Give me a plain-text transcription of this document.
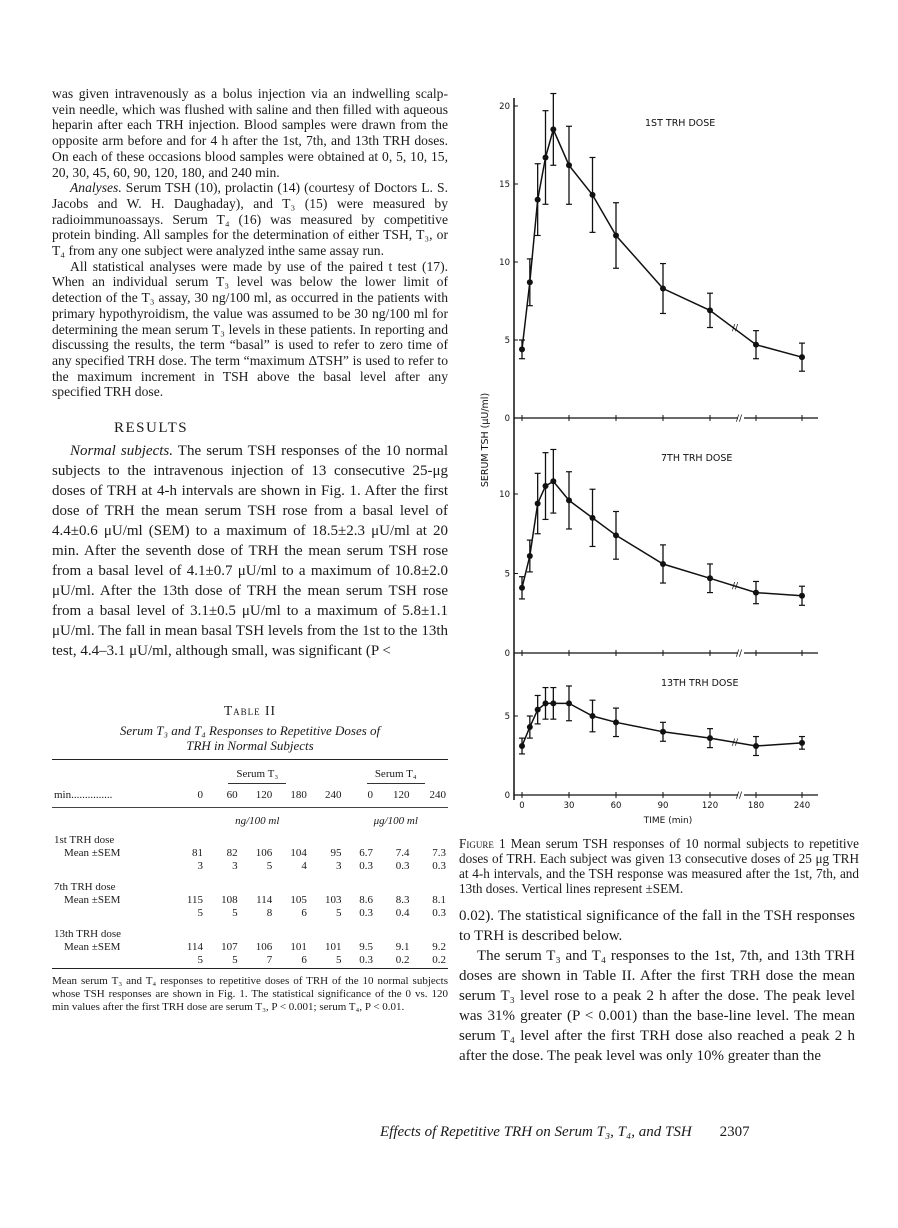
was given intravenously as a bolus injection via an indwelling scalp-vein needle, which was flushed with saline and then filled with aqueous heparin after each TRH injection. Blood samples were drawn from the opposite arm before and for 4 h after the 1st, 7th, and 13th TRH doses. On each of these occasions blood samples were obtained at 0, 5, 10, 15, 20, 30, 45, 60, 90, 120, 180, and 240 min.

Analyses. Serum TSH (10), prolactin (14) (courtesy of Doctors L. S. Jacobs and W. H. Daughaday), and T₃ (15) were measured by radioimmunoassays. Serum T₄ (16) was measured by competitive protein binding. All samples for the determination of either TSH, T₃, or T₄ from any one subject were analyzed inthe same assay run.

All statistical analyses were made by use of the paired t test (17). When an individual serum T₃ level was below the lower limit of detection of the T₃ assay, 30 ng/100 ml, as occurred in the patients with primary hypothyroidism, the value was assumed to be 30 ng/100 ml for determining the mean serum T₃ levels in these patients. In reporting and discussing the results, the term “basal” is used to refer to zero time of any specified TRH dose. The term “maximum ΔTSH” is used to refer to the maximum increment in TSH above the basal level after any specified TRH dose.

RESULTS

Normal subjects. The serum TSH responses of the 10 normal subjects to the intravenous injection of 13 consecutive 25-μg doses of TRH at 4-h intervals are shown in Fig. 1. After the first dose of TRH the mean serum TSH rose from a basal level of 4.4±0.6 μU/ml (SEM) to a maximum of 18.5±2.3 μU/ml at 20 min. After the seventh dose of TRH the mean serum TSH rose from a basal level of 4.1±0.7 μU/ml to a maximum of 10.8±2.0 μU/ml. After the 13th dose of TRH the mean serum TSH rose from a basal level of 3.1±0.5 μU/ml to a maximum of 5.8±1.1 μU/ml. The fall in mean basal TSH levels from the 1st to the 13th test, 4.4–3.1 μU/ml, although small, was significant (P <

Table II
Serum T₃ and T₄ Responses to Repetitive Doses of
TRH in Normal Subjects
	Serum T₃					Serum T₄		
min...............	0	60	120	180	240	0	120	240
	ng/100 ml					μg/100 ml		
1st TRH dose								
Mean ±SEM	81	82	106	104	95	6.7	7.4	7.3
	3	3	5	4	3	0.3	0.3	0.3
7th TRH dose								
Mean ±SEM	115	108	114	105	103	8.6	8.3	8.1
	5	5	8	6	5	0.3	0.4	0.3
13th TRH dose								
Mean ±SEM	114	107	106	101	101	9.5	9.1	9.2
	5	5	7	6	5	0.3	0.2	0.2
Mean serum T₃ and T₄ responses to repetitive doses of TRH of the 10 normal subjects whose TSH responses are shown in Fig. 1. The statistical significance of the 0 vs. 120 min values after the first TRH dose are serum T₃, P < 0.001; serum T₄, P < 0.01.
//
0
5
10
15
20
1ST TRH DOSE
//
//
0
5
10
7TH TRH DOSE
//
//
0
5
13TH TRH DOSE
//
0	30	60	90	120	180	240
TIME (min)
SERUM TSH (μU/ml)
Figure 1 Mean serum TSH responses of 10 normal subjects to repetitive doses of TRH. Each subject was given 13 consecutive doses of 25 μg TRH at 4-h intervals, and the TSH response was measured after the 1st, 7th, and 13th doses. Vertical lines represent ±SEM.

0.02). The statistical significance of the fall in the TSH responses to TRH is described below.

The serum T₃ and T₄ responses to the 1st, 7th, and 13th TRH doses are shown in Table II. After the first TRH dose the mean serum T₃ level rose to a peak 2 h after the dose. The peak level was 31% greater (P < 0.001) than the base-line level. The mean serum T₄ level after the first TRH dose also reached a peak 2 h after the dose. The peak level was only 10% greater than the

Effects of Repetitive TRH on Serum T₃, T₄, and TSH 2307
